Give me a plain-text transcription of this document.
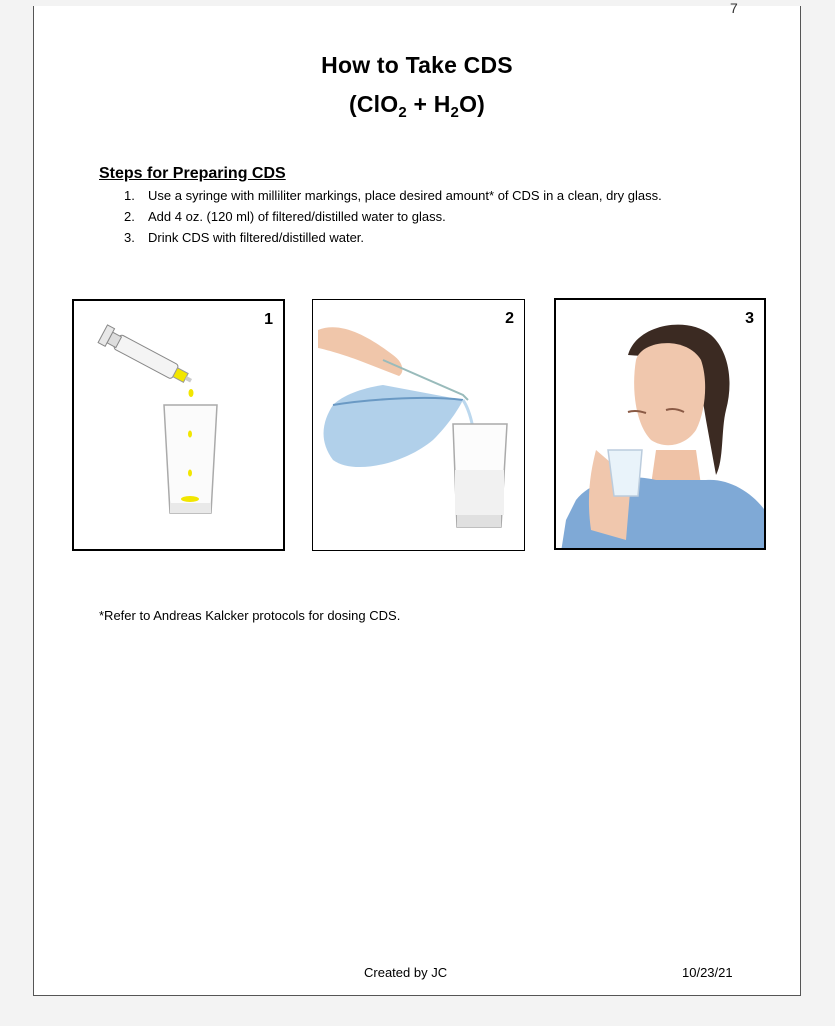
7
How to Take CDS
$(ClO_2 + H_2O)$
Steps for Preparing CDS
1. Use a syringe with milliliter markings, place desired amount* of CDS in a clean, dry glass.
2. Add 4 oz. (120 ml) of filtered/distilled water to glass.
3. Drink CDS with filtered/distilled water.
1	2	3
*Refer to Andreas Kalcker protocols for dosing CDS.
Created by JC	10/23/21
